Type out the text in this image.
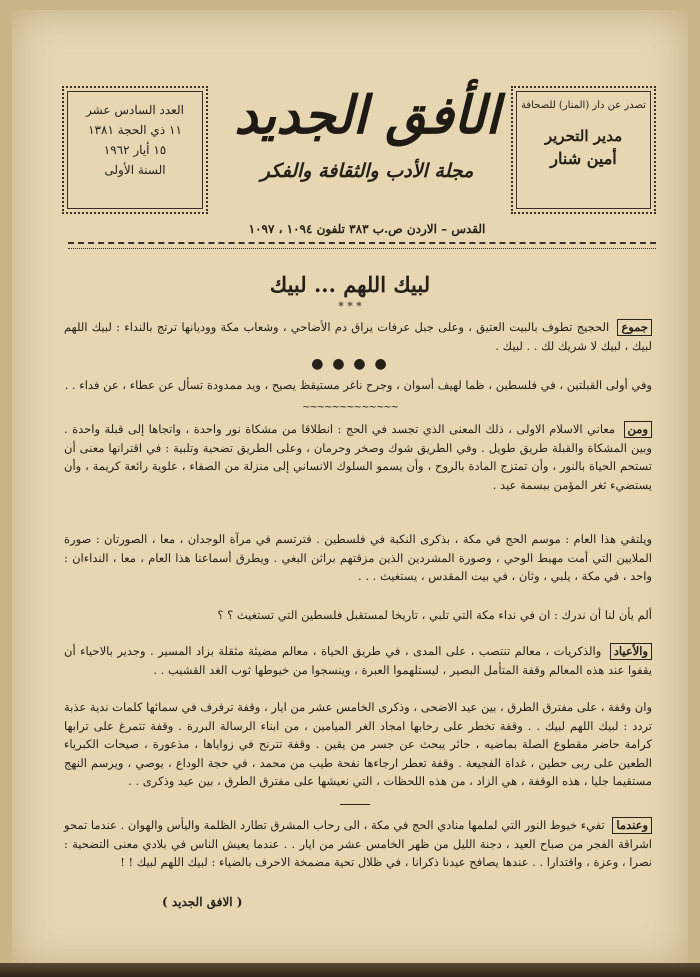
تصدر عن دار (المنار) للصحافة
مدير التحرير
أمين شنار
الأفق الجديد
مجلة الأدب والثقافة والفكر
القدس – الاردن ص.ب ٣٨٣ تلفون ١٠٩٤ ، ١٠٩٧
العدد السادس عشر
١١ ذي الحجة ١٣٨١
١٥ أيار ١٩٦٢
السنة الأولى
لبيك اللهم ... لبيك
* * *
جموع الحجيج تطوف بالبيت العتيق ، وعلى جبل عرفات يراق دم الأضاحي ، وشعاب مكة ووديانها ترتج بالنداء : لبيك اللهم لبيك ، لبيك لا شريك لك . . لبيك .
● ● ● ●
وفي أولى القبلتين ، في فلسطين ، ظما لهيف أسوان ، وجرح ناغر مستيقظ يصيح ، ويد ممدودة تسأل عن عطاء ، عن فداء . .
~~~~~~~~~~~~~
ومن معاني الاسلام الاولى ، ذلك المعنى الذي تجسد في الحج : انطلاقا من مشكاة نور واحدة ، واتجاها إلى قبلة واحدة . وبين المشكاة والقبلة طريق طويل . وفي الطريق شوك وصخر وحرمان ، وعلى الطريق تضحية وتلبية : في اقترانها معنى أن تستحم الحياة بالنور ، وأن تمتزج المادة بالروح ، وأن يسمو السلوك الانساني إلى منزلة من الصفاء ، علوية رائعة كريمة ، وأن يستضيء ثغر المؤمن ببسمة عيد .
ويلتقي هذا العام : موسم الحج في مكة ، بذكرى النكبة في فلسطين . فترتسم في مرآة الوجدان ، معا ، الصورتان : صورة الملايين التي أمت مهبط الوحي ، وصورة المشردين الذين مزقتهم براثن البغي . ويطرق أسماعنا هذا العام ، معا ، النداءان : واحد ، في مكة ، يلبي ، وثان ، في بيت المقدس ، يستغيث . . .
ألم يأن لنا أن ندرك : ان في نداء مكة التي تلبي ، تاريخا لمستقبل فلسطين التي تستغيث ؟ ؟
والأعياد والذكريات ، معالم تنتصب ، على المدى ، في طريق الحياة ، معالم مضيئة مثقلة بزاد المسير . وجدير بالاحياء أن يقفوا عند هذه المعالم وقفة المتأمل البصير ، ليستلهموا العبرة ، وينسجوا من خيوطها ثوب الغد القشيب . .
وان وقفة ، على مفترق الطرق ، بين عيد الاضحى ، وذكرى الخامس عشر من ايار ، وقفة ترفرف في سمائها كلمات ندية عذبة تردد : لبيك اللهم لبيك . . وقفة تخطر على رحابها امجاد الغر الميامين ، من ابناء الرسالة البررة . وقفة تتمرغ على ترابها كرامة حاضر مقطوع الصلة بماضيه ، حائر يبحث عن جسر من يقين . وقفة تترنح في زواياها ، مذعورة ، صيحات الكبرياء الطعين على ربى حطين ، غداة الفجيعة . وقفة تعطر ارجاءها نفحة طيب من محمد ، في حجة الوداع ، يوصي ، ويرسم النهج مستقيما جليا ، هذه الوقفة ، هي الزاد ، من هذه اللحظات ، التي نعيشها على مفترق الطرق ، بين عيد وذكرى . .
وعندما تفيء خيوط النور التي لملمها منادي الحج في مكة ، الى رحاب المشرق تطارد الظلمة واليأس والهوان . عندما تمحو اشراقة الفجر من صباح العيد ، دجنة الليل من ظهر الخامس عشر من ايار . . عندما يعيش الناس في بلادي معنى التضحية : نصرا ، وعزة ، واقتدارا . . عندها يصافح عيدنا ذكرانا ، في ظلال تحية مضمخة الاحرف بالضياء : لبيك اللهم لبيك ! !
( الافق الجديد )
